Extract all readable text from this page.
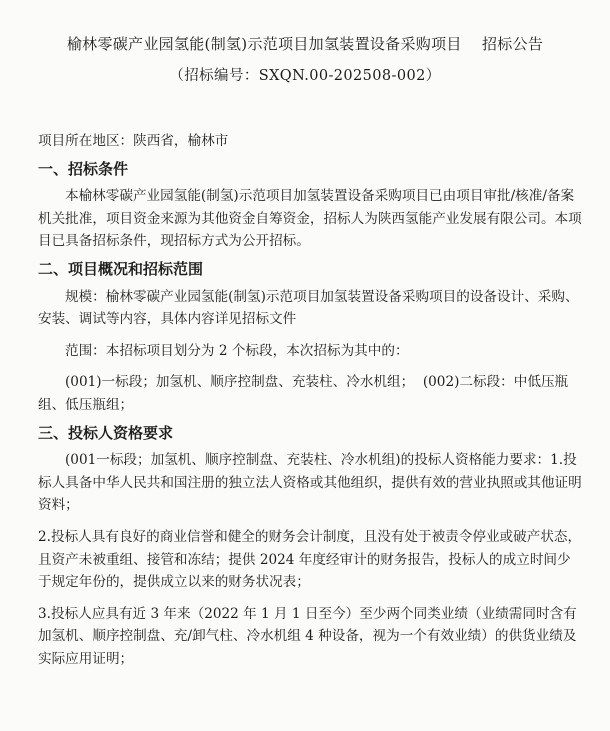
榆林零碳产业园氢能(制氢)示范项目加氢装置设备采购项目    招标公告
（招标编号：SXQN.00-202508-002）

项目所在地区：陕西省，榆林市

一、招标条件

本榆林零碳产业园氢能(制氢)示范项目加氢装置设备采购项目已由项目审批/核准/备案机关批准，项目资金来源为其他资金自筹资金，招标人为陕西氢能产业发展有限公司。本项目已具备招标条件，现招标方式为公开招标。

二、项目概况和招标范围

规模：榆林零碳产业园氢能(制氢)示范项目加氢装置设备采购项目的设备设计、采购、安装、调试等内容，具体内容详见招标文件

范围：本招标项目划分为 2 个标段，本次招标为其中的：

(001)一标段；加氢机、顺序控制盘、充装柱、冷水机组；  (002)二标段：中低压瓶组、低压瓶组；

三、投标人资格要求

(001一标段；加氢机、顺序控制盘、充装柱、冷水机组)的投标人资格能力要求：1.投标人具备中华人民共和国注册的独立法人资格或其他组织，提供有效的营业执照或其他证明资料；

2.投标人具有良好的商业信誉和健全的财务会计制度，且没有处于被责令停业或破产状态，且资产未被重组、接管和冻结；提供 2024 年度经审计的财务报告，投标人的成立时间少于规定年份的，提供成立以来的财务状况表；

3.投标人应具有近 3 年来（2022 年 1 月 1 日至今）至少两个同类业绩（业绩需同时含有加氢机、顺序控制盘、充/卸气柱、冷水机组 4 种设备，视为一个有效业绩）的供货业绩及实际应用证明；
